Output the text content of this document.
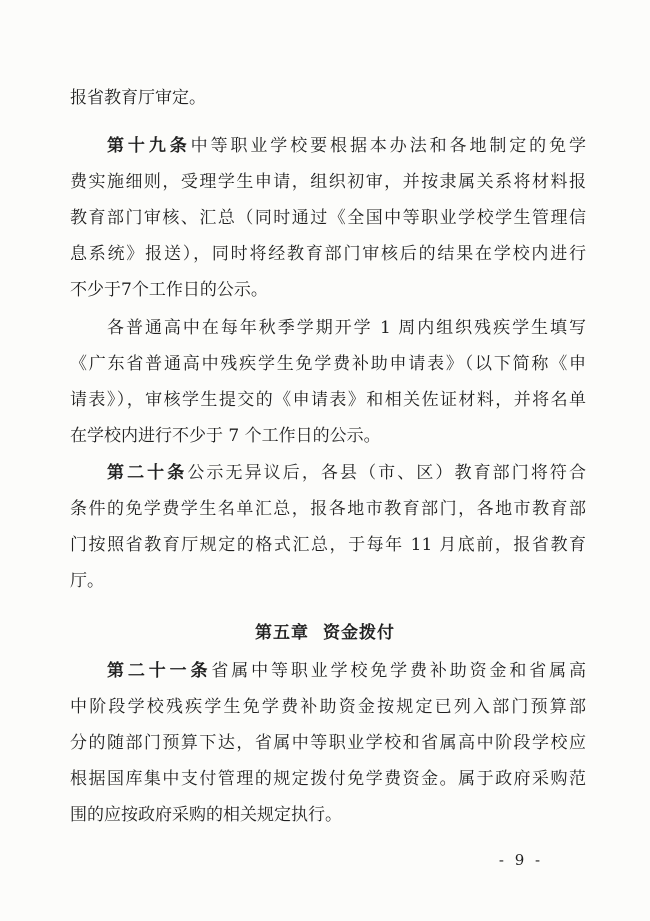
报省教育厅审定。
第十九条中等职业学校要根据本办法和各地制定的免学
费实施细则，受理学生申请，组织初审，并按隶属关系将材料报
教育部门审核、汇总（同时通过《全国中等职业学校学生管理信
息系统》报送），同时将经教育部门审核后的结果在学校内进行
不少于7个工作日的公示。
各普通高中在每年秋季学期开学 1 周内组织残疾学生填写
《广东省普通高中残疾学生免学费补助申请表》（以下简称《申
请表》），审核学生提交的《申请表》和相关佐证材料，并将名单
在学校内进行不少于 7 个工作日的公示。
第二十条公示无异议后，各县（市、区）教育部门将符合
条件的免学费学生名单汇总，报各地市教育部门，各地市教育部
门按照省教育厅规定的格式汇总，于每年 11 月底前，报省教育
厅。
第五章 资金拨付
第二十一条省属中等职业学校免学费补助资金和省属高
中阶段学校残疾学生免学费补助资金按规定已列入部门预算部
分的随部门预算下达，省属中等职业学校和省属高中阶段学校应
根据国库集中支付管理的规定拨付免学费资金。属于政府采购范
围的应按政府采购的相关规定执行。
- 9 -
